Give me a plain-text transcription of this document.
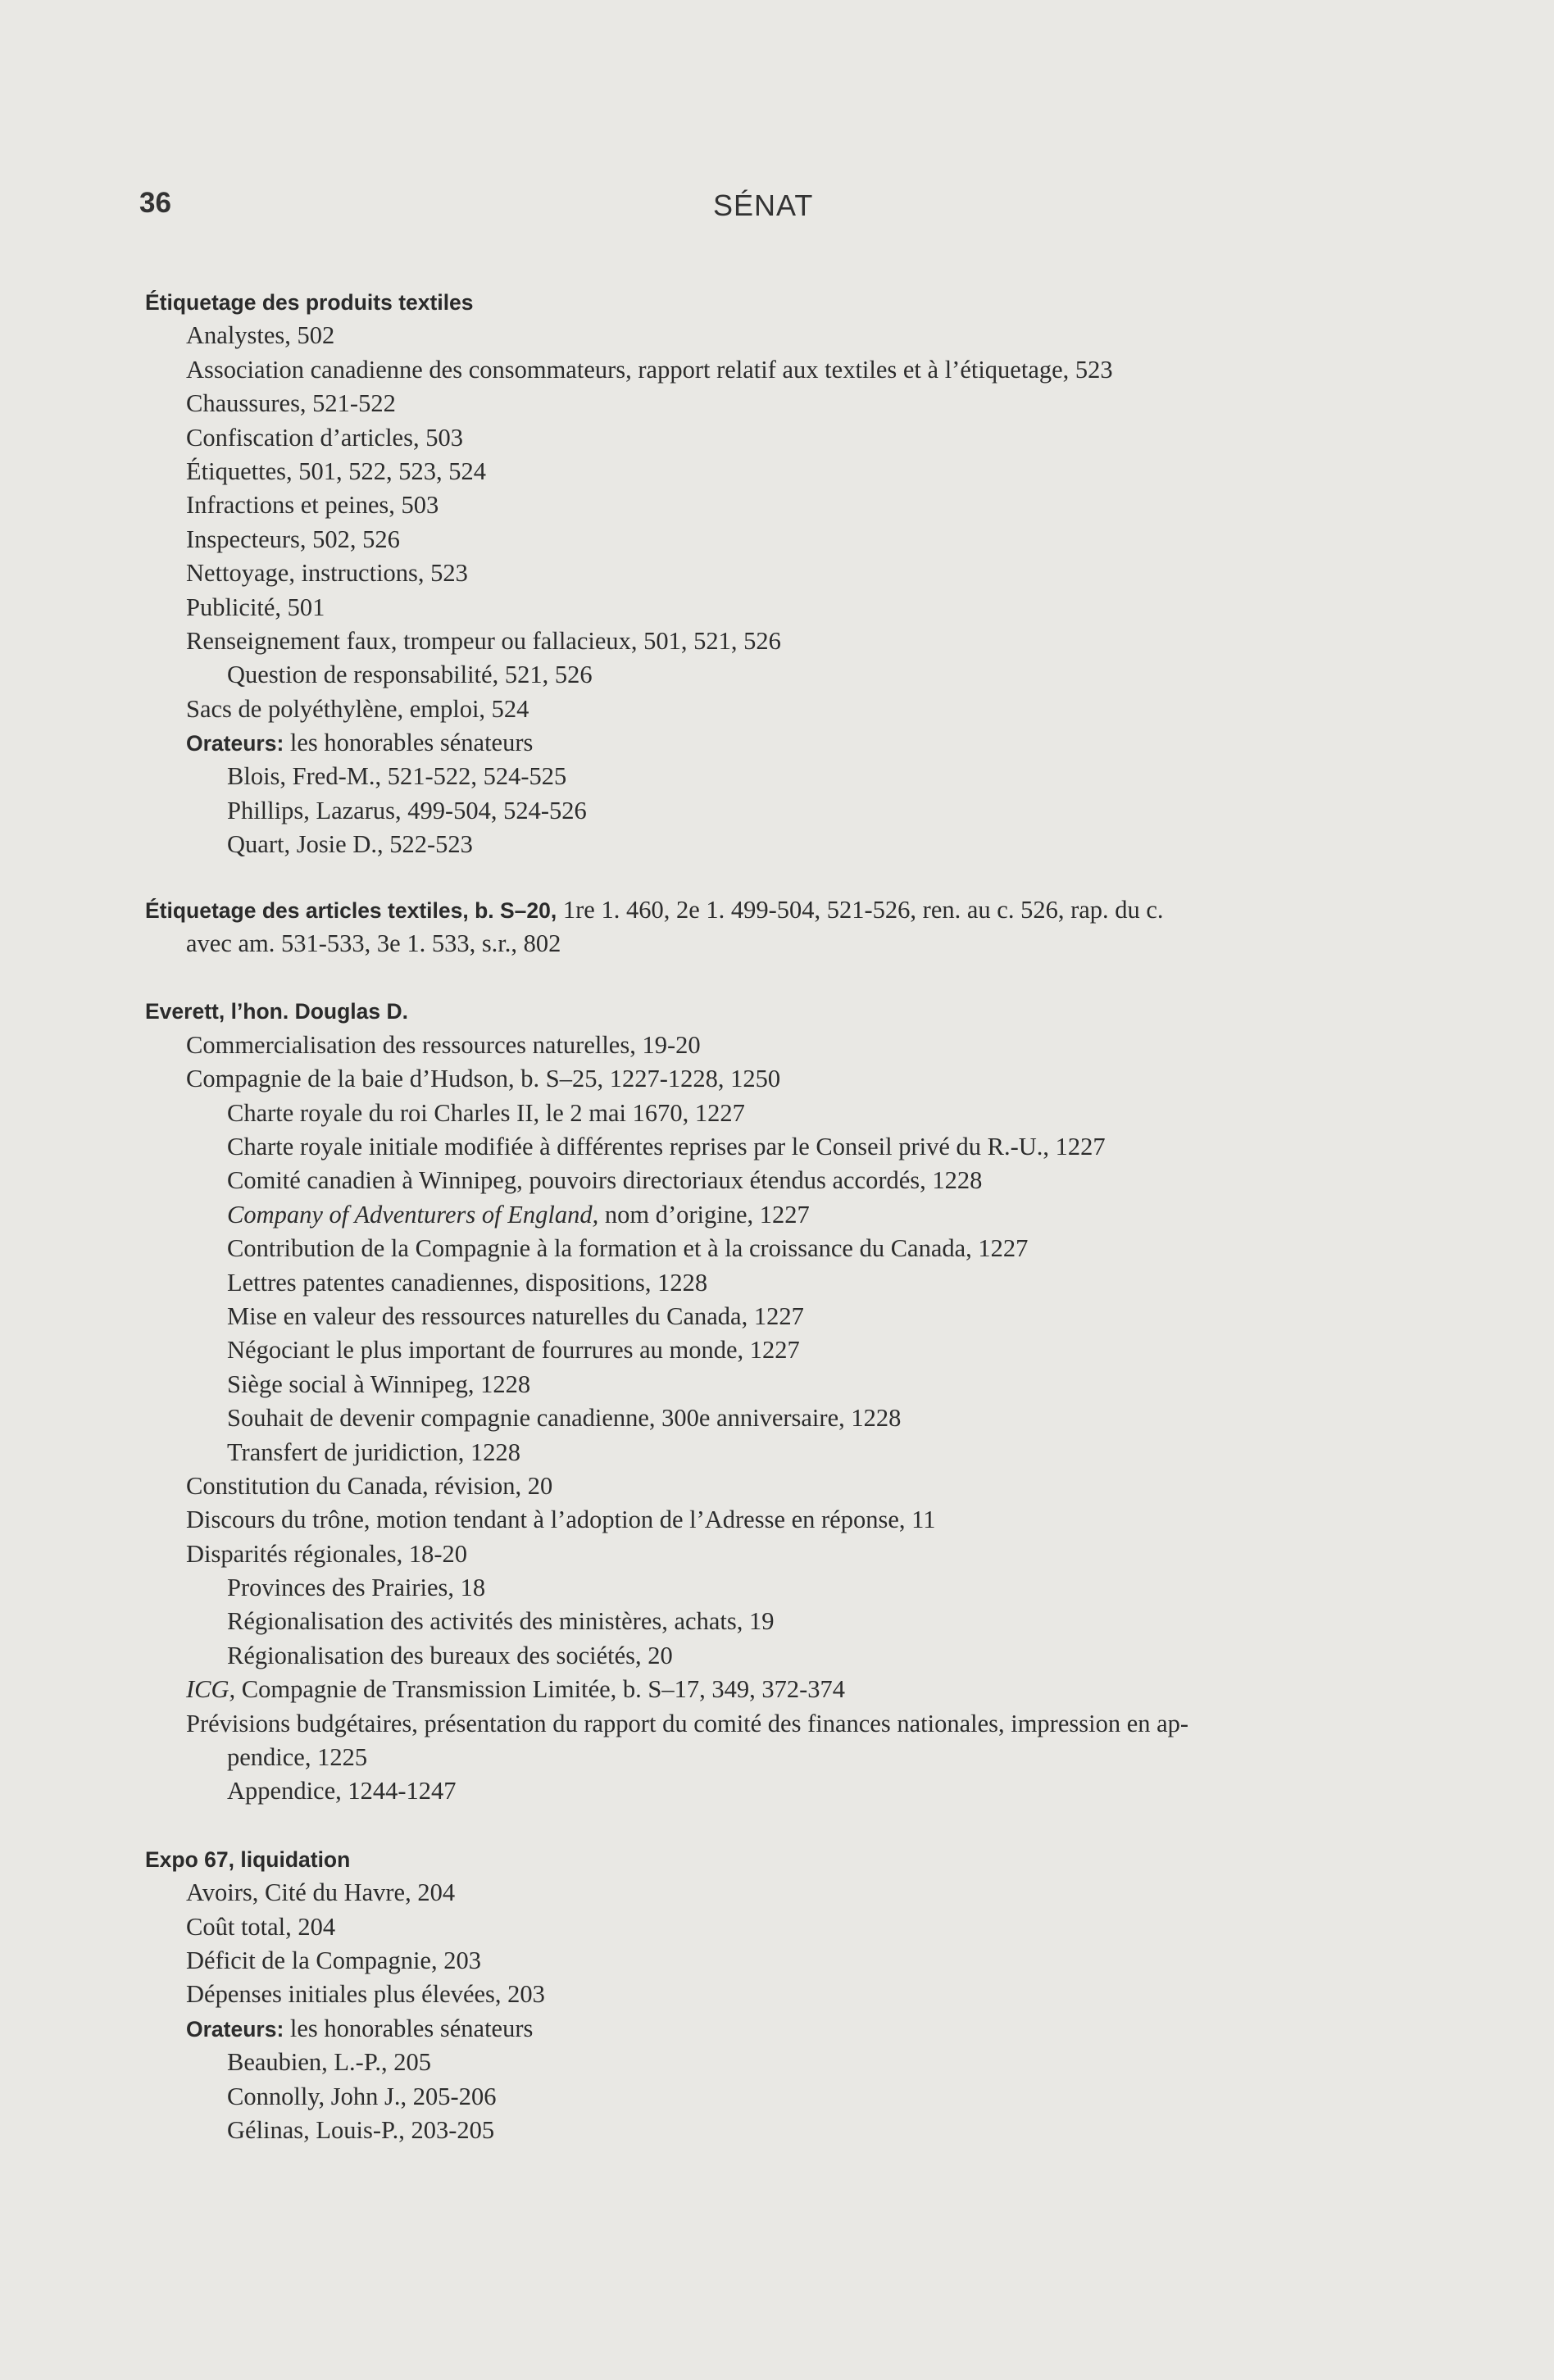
36	SÉNAT
Étiquetage des produits textiles
Analystes, 502
Association canadienne des consommateurs, rapport relatif aux textiles et à l’étiquetage, 523
Chaussures, 521-522
Confiscation d’articles, 503
Étiquettes, 501, 522, 523, 524
Infractions et peines, 503
Inspecteurs, 502, 526
Nettoyage, instructions, 523
Publicité, 501
Renseignement faux, trompeur ou fallacieux, 501, 521, 526
Question de responsabilité, 521, 526
Sacs de polyéthylène, emploi, 524
Orateurs: les honorables sénateurs
Blois, Fred-M., 521-522, 524-525
Phillips, Lazarus, 499-504, 524-526
Quart, Josie D., 522-523
Étiquetage des articles textiles, b. S–20, 1re 1. 460, 2e 1. 499-504, 521-526, ren. au c. 526, rap. du c.
avec am. 531-533, 3e 1. 533, s.r., 802
Everett, l’hon. Douglas D.
Commercialisation des ressources naturelles, 19-20
Compagnie de la baie d’Hudson, b. S–25, 1227-1228, 1250
Charte royale du roi Charles II, le 2 mai 1670, 1227
Charte royale initiale modifiée à différentes reprises par le Conseil privé du R.-U., 1227
Comité canadien à Winnipeg, pouvoirs directoriaux étendus accordés, 1228
Company of Adventurers of England, nom d’origine, 1227
Contribution de la Compagnie à la formation et à la croissance du Canada, 1227
Lettres patentes canadiennes, dispositions, 1228
Mise en valeur des ressources naturelles du Canada, 1227
Négociant le plus important de fourrures au monde, 1227
Siège social à Winnipeg, 1228
Souhait de devenir compagnie canadienne, 300e anniversaire, 1228
Transfert de juridiction, 1228
Constitution du Canada, révision, 20
Discours du trône, motion tendant à l’adoption de l’Adresse en réponse, 11
Disparités régionales, 18-20
Provinces des Prairies, 18
Régionalisation des activités des ministères, achats, 19
Régionalisation des bureaux des sociétés, 20
ICG, Compagnie de Transmission Limitée, b. S–17, 349, 372-374
Prévisions budgétaires, présentation du rapport du comité des finances nationales, impression en ap-
pendice, 1225
Appendice, 1244-1247
Expo 67, liquidation
Avoirs, Cité du Havre, 204
Coût total, 204
Déficit de la Compagnie, 203
Dépenses initiales plus élevées, 203
Orateurs: les honorables sénateurs
Beaubien, L.-P., 205
Connolly, John J., 205-206
Gélinas, Louis-P., 203-205
